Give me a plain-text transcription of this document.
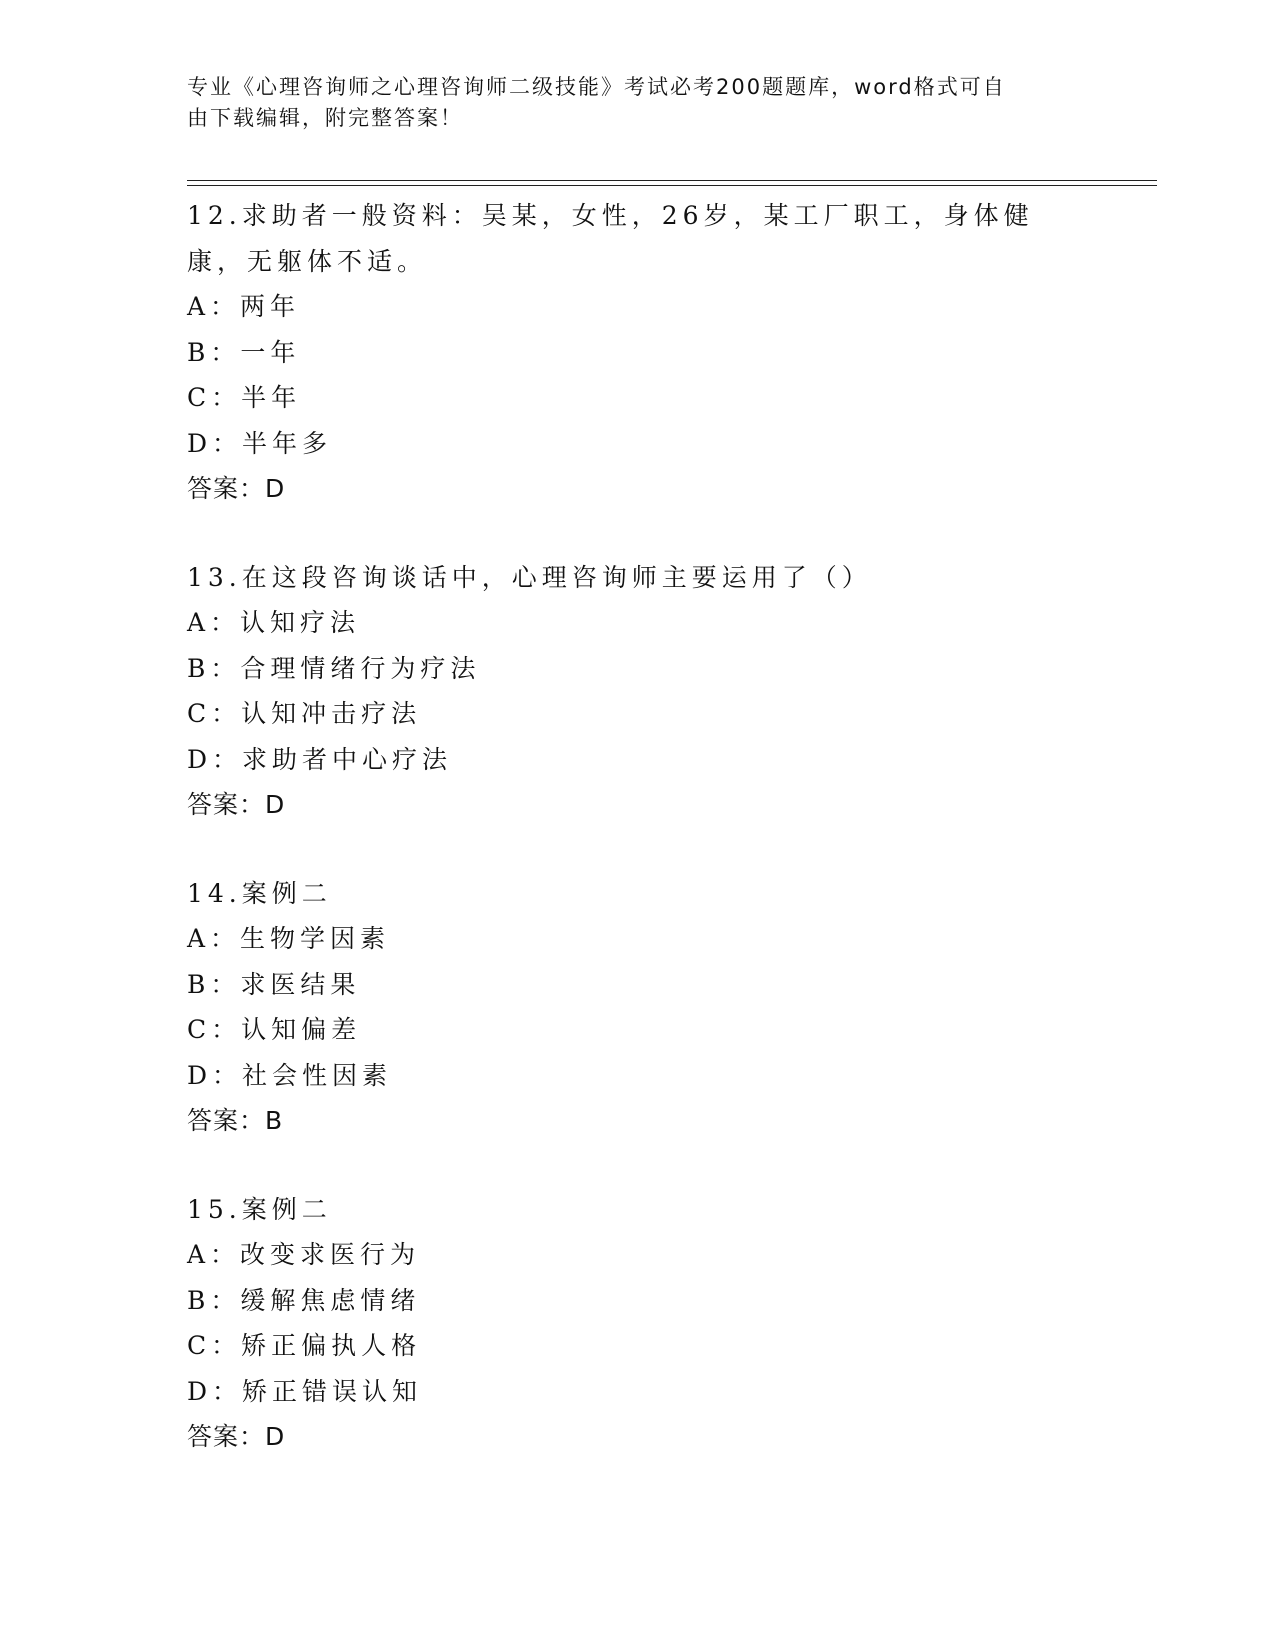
专业《心理咨询师之心理咨询师二级技能》考试必考200题题库，word格式可自
由下载编辑，附完整答案！

12.求助者一般资料：吴某，女性，26岁，某工厂职工，身体健康，无躯体不适。

A：两年

B：一年

C：半年

D：半年多

答案：D

13.在这段咨询谈话中，心理咨询师主要运用了（）

A：认知疗法

B：合理情绪行为疗法

C：认知冲击疗法

D：求助者中心疗法

答案：D

14.案例二

A：生物学因素

B：求医结果

C：认知偏差

D：社会性因素

答案：B

15.案例二

A：改变求医行为

B：缓解焦虑情绪

C：矫正偏执人格

D：矫正错误认知

答案：D
